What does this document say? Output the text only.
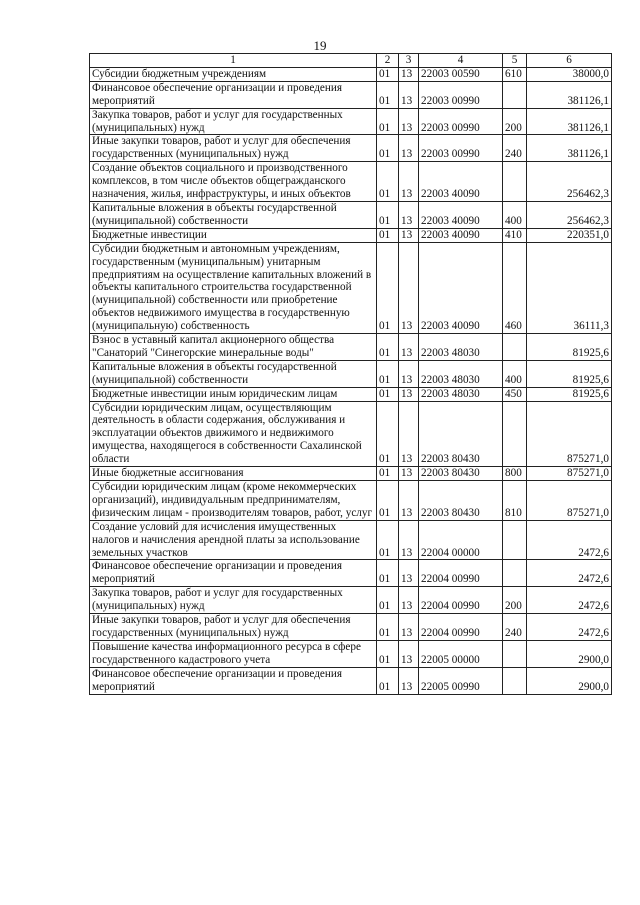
19
1	2	3	4	5	6
Субсидии бюджетным учреждениям	01	13	22003 00590	610	38000,0
Финансовое обеспечение организации и проведения мероприятий	01	13	22003 00990		381126,1
Закупка товаров, работ и услуг для государственных (муниципальных) нужд	01	13	22003 00990	200	381126,1
Иные закупки товаров, работ и услуг для обеспечения государственных (муниципальных) нужд	01	13	22003 00990	240	381126,1
Создание объектов социального и производственного комплексов, в том числе объектов общегражданского назначения, жилья, инфраструктуры, и иных объектов	01	13	22003 40090		256462,3
Капитальные вложения в объекты государственной (муниципальной) собственности	01	13	22003 40090	400	256462,3
Бюджетные инвестиции	01	13	22003 40090	410	220351,0
Субсидии бюджетным и автономным учреждениям, государственным (муниципальным) унитарным предприятиям на осуществление капитальных вложений в объекты капитального строительства государственной (муниципальной) собственности или приобретение объектов недвижимого имущества в государственную (муниципальную) собственность	01	13	22003 40090	460	36111,3
Взнос в уставный капитал акционерного общества "Санаторий "Синегорские минеральные воды"	01	13	22003 48030		81925,6
Капитальные вложения в объекты государственной (муниципальной) собственности	01	13	22003 48030	400	81925,6
Бюджетные инвестиции иным юридическим лицам	01	13	22003 48030	450	81925,6
Субсидии юридическим лицам, осуществляющим деятельность в области содержания, обслуживания и эксплуатации объектов движимого и недвижимого имущества, находящегося в собственности Сахалинской области	01	13	22003 80430		875271,0
Иные бюджетные ассигнования	01	13	22003 80430	800	875271,0
Субсидии юридическим лицам (кроме некоммерческих организаций), индивидуальным предпринимателям, физическим лицам - производителям товаров, работ, услуг	01	13	22003 80430	810	875271,0
Создание условий для исчисления имущественных налогов и начисления арендной платы за использование земельных участков	01	13	22004 00000		2472,6
Финансовое обеспечение организации и проведения мероприятий	01	13	22004 00990		2472,6
Закупка товаров, работ и услуг для государственных (муниципальных) нужд	01	13	22004 00990	200	2472,6
Иные закупки товаров, работ и услуг для обеспечения государственных (муниципальных) нужд	01	13	22004 00990	240	2472,6
Повышение качества информационного ресурса в сфере государственного кадастрового учета	01	13	22005 00000		2900,0
Финансовое обеспечение организации и проведения мероприятий	01	13	22005 00990		2900,0
